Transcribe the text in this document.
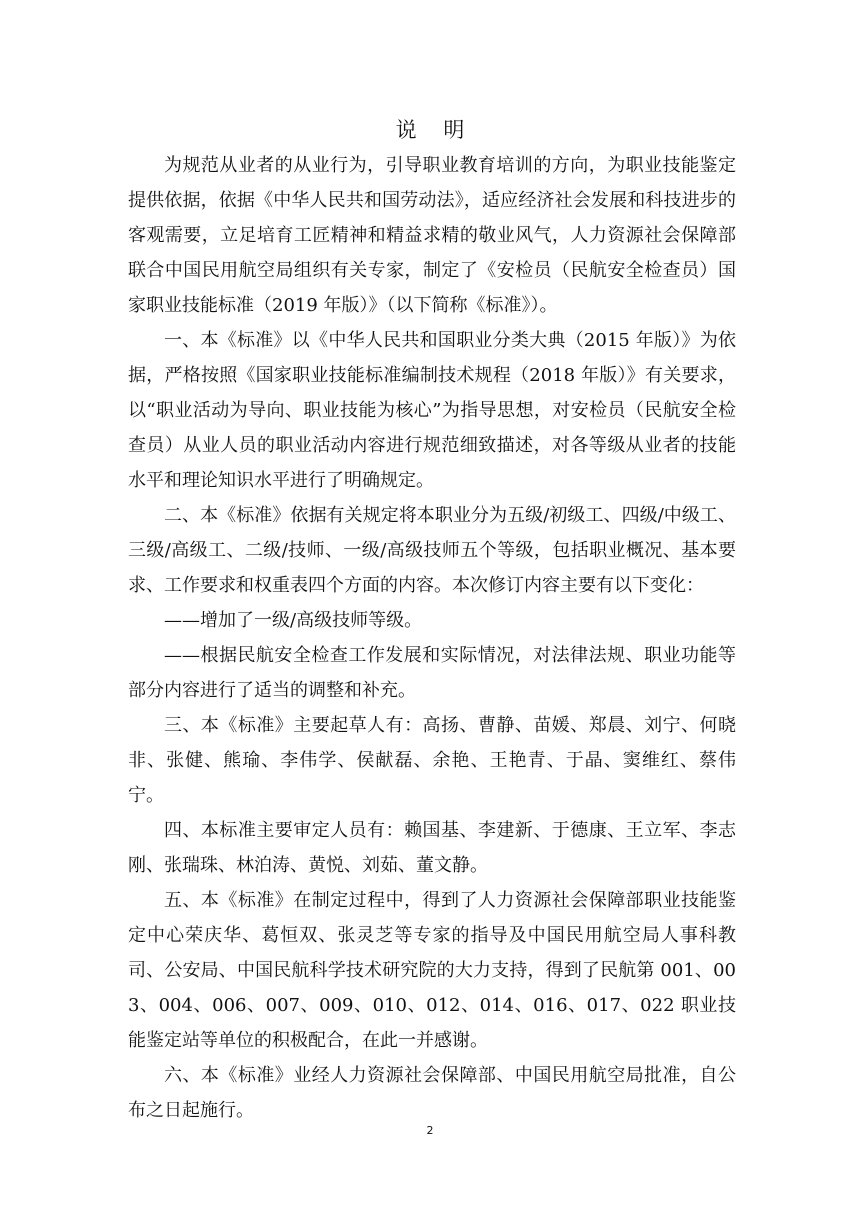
说    明

为规范从业者的从业行为，引导职业教育培训的方向，为职业技能鉴定提供依据，依据《中华人民共和国劳动法》，适应经济社会发展和科技进步的客观需要，立足培育工匠精神和精益求精的敬业风气，人力资源社会保障部联合中国民用航空局组织有关专家，制定了《安检员（民航安全检查员）国家职业技能标准（2019 年版）》（以下简称《标准》）。

一、本《标准》以《中华人民共和国职业分类大典（2015 年版）》为依据，严格按照《国家职业技能标准编制技术规程（2018 年版）》有关要求，以“职业活动为导向、职业技能为核心”为指导思想，对安检员（民航安全检查员）从业人员的职业活动内容进行规范细致描述，对各等级从业者的技能水平和理论知识水平进行了明确规定。

二、本《标准》依据有关规定将本职业分为五级/初级工、四级/中级工、三级/高级工、二级/技师、一级/高级技师五个等级，包括职业概况、基本要求、工作要求和权重表四个方面的内容。本次修订内容主要有以下变化：

——增加了一级/高级技师等级。

——根据民航安全检查工作发展和实际情况，对法律法规、职业功能等部分内容进行了适当的调整和补充。

三、本《标准》主要起草人有：高扬、曹静、苗媛、郑晨、刘宁、何晓非、张健、熊瑜、李伟学、侯献磊、余艳、王艳青、于晶、窦维红、蔡伟宁。

四、本标准主要审定人员有：赖国基、李建新、于德康、王立军、李志刚、张瑞珠、林泊涛、黄悦、刘茹、董文静。

五、本《标准》在制定过程中，得到了人力资源社会保障部职业技能鉴定中心荣庆华、葛恒双、张灵芝等专家的指导及中国民用航空局人事科教司、公安局、中国民航科学技术研究院的大力支持，得到了民航第 001、003、004、006、007、009、010、012、014、016、017、022 职业技能鉴定站等单位的积极配合，在此一并感谢。

六、本《标准》业经人力资源社会保障部、中国民用航空局批准，自公布之日起施行。

2
